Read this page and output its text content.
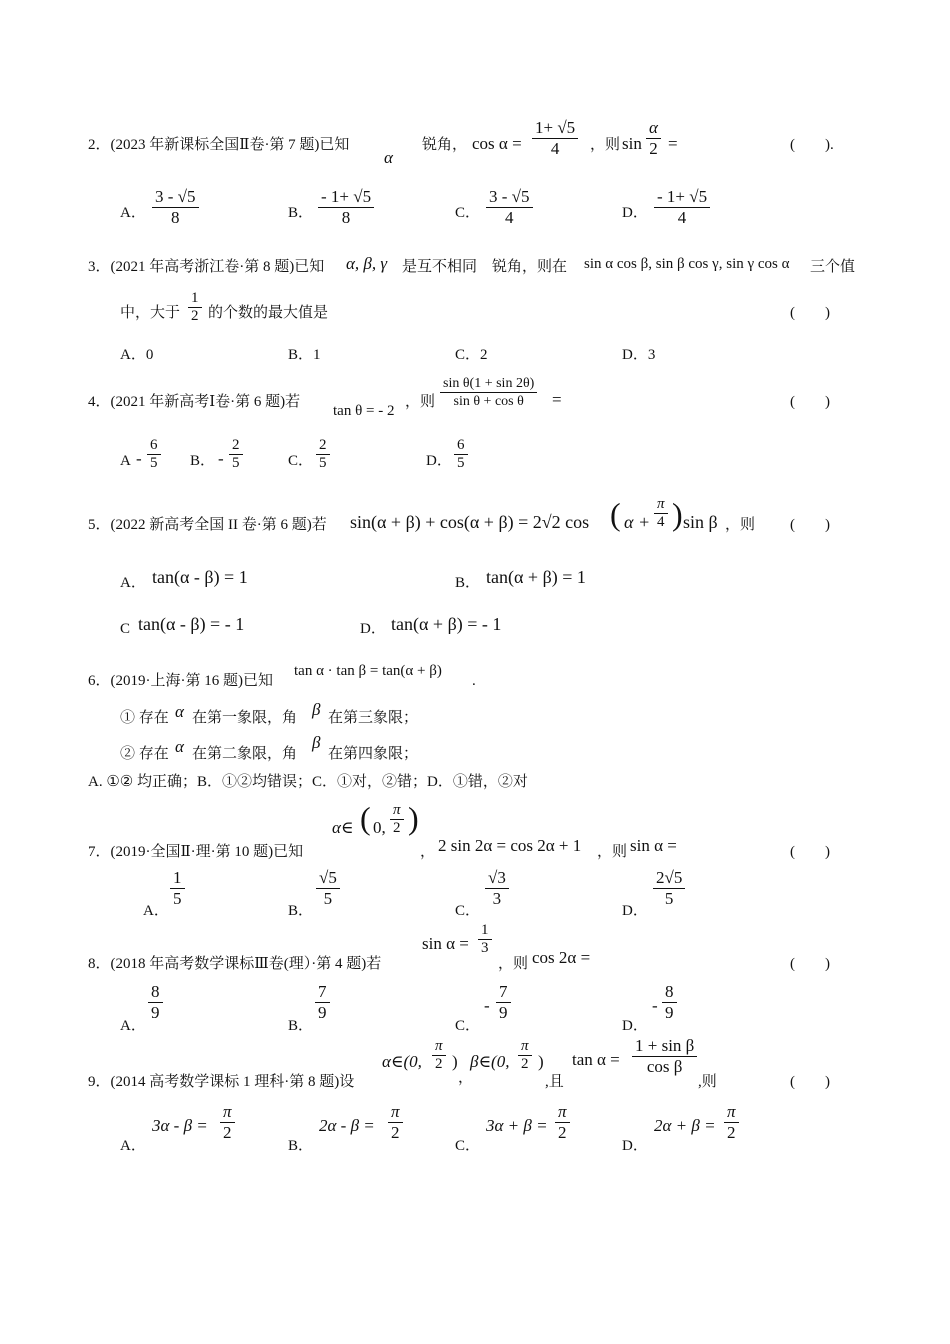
2．(2023 年新课标全国Ⅱ卷·第 7 题)已知
α
锐角， $\cos \alpha = \frac{1+ √5}{4}$ ，则 $\sin \frac{\alpha}{2}$ =	(　　).
A． $\frac{3 - √5}{8}$	B． $\frac{- 1+ √5}{8}$	C． $\frac{3 - √5}{4}$	D． $\frac{- 1+ √5}{4}$
3．(2021 年高考浙江卷·第 8 题)已知 α, β, γ 是互不相同　锐角，则在 sin α cos β, sin β cos γ, sin γ cos α 三个值
中，大于 $\frac{1}{2}$ 的个数的最大值是	(　　)
A．0	B．1	C．2	D．3
4．(2021 年新高考Ⅰ卷·第 6 题)若
tan θ = - 2
，则 $\frac{\text{sin θ(1 + sin 2θ)}}{\text{sin θ + cos θ}}$ =	(　　)
A - $\frac{6}{5}$ B． - $\frac{2}{5}$	C． $\frac{2}{5}$	D． $\frac{6}{5}$
5．(2022 新高考全国 II 卷·第 6 题)若 sin(α + β) + cos(α + β) = 2√2 cos ( $\alpha + \frac{\pi}{4}$ ) sin β ，则 (　　)
A． tan(α - β) = 1	B． tan(α + β) = 1
C tan(α - β) = - 1	D． tan(α + β) = - 1
6．(2019·上海·第 16 题)已知
tan α · tan β = tan(α + β)
.
① 存在 α 在第一象限，角 β 在第三象限；
② 存在 α 在第二象限，角
β
在第四象限；
A. ①② 均正确；B．①②均错误；C．①对，②错；D．①错，②对
7．(2019·全国Ⅱ·理·第 10 题)已知
α∈ ( 0, $\frac{\pi}{2}$ )
， 2 sin 2α = cos 2α + 1 ，则 sin α =	(　　)
A．
$\frac{1}{5}$
B．
$\frac{√5}{5}$
C．
$\frac{√3}{3}$
D．
$\frac{2√5}{5}$
8．(2018 年高考数学课标Ⅲ卷(理）·第 4 题)若
$\sin \alpha = \frac{1}{3}$
，则 cos 2α =	(　　)
A．
$\frac{8}{9}$
B．
$\frac{7}{9}$
C．
- $\frac{7}{9}$
D．
- $\frac{8}{9}$
9．(2014 高考数学课标 1 理科·第 8 题)设
α∈(0, $\frac{\pi}{2}$ )
，
β∈(0, $\frac{\pi}{2}$ )
,且
$\tan \alpha = \frac{\text{1 + sin β}}{\text{cos β}}$
,则	(　　)
A．
$3\alpha - \beta = \frac{\pi}{2}$
B．
$2\alpha - \beta = \frac{\pi}{2}$
C．
$3\alpha + \beta = \frac{\pi}{2}$
D．
$2\alpha + \beta = \frac{\pi}{2}$
